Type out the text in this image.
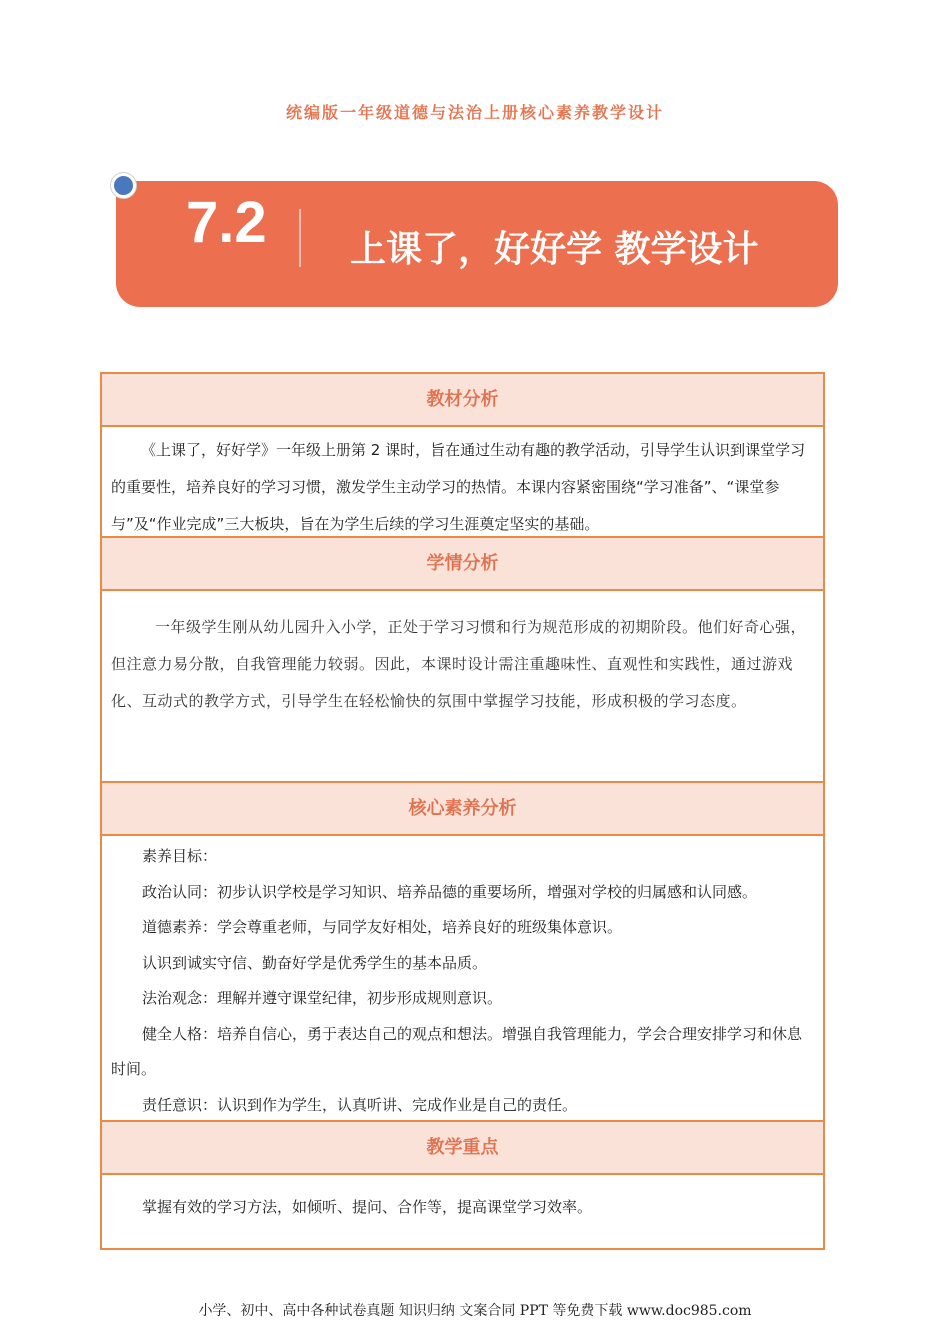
统编版一年级道德与法治上册核心素养教学设计
7.2 上课了，好好学 教学设计
教材分析

《上课了，好好学》一年级上册第 2 课时，旨在通过生动有趣的教学活动，引导学生认识到课堂学习的重要性，培养良好的学习习惯，激发学生主动学习的热情。本课内容紧密围绕“学习准备”、“课堂参与”及“作业完成”三大板块，旨在为学生后续的学习生涯奠定坚实的基础。

学情分析

一年级学生刚从幼儿园升入小学，正处于学习习惯和行为规范形成的初期阶段。他们好奇心强，但注意力易分散，自我管理能力较弱。因此，本课时设计需注重趣味性、直观性和实践性，通过游戏化、互动式的教学方式，引导学生在轻松愉快的氛围中掌握学习技能，形成积极的学习态度。

核心素养分析

素养目标：

政治认同：初步认识学校是学习知识、培养品德的重要场所，增强对学校的归属感和认同感。

道德素养：学会尊重老师，与同学友好相处，培养良好的班级集体意识。

认识到诚实守信、勤奋好学是优秀学生的基本品质。

法治观念：理解并遵守课堂纪律，初步形成规则意识。

健全人格：培养自信心，勇于表达自己的观点和想法。增强自我管理能力，学会合理安排学习和休息时间。

责任意识：认识到作为学生，认真听讲、完成作业是自己的责任。

教学重点

掌握有效的学习方法，如倾听、提问、合作等，提高课堂学习效率。

小学、初中、高中各种试卷真题 知识归纳 文案合同 PPT 等免费下载 www.doc985.com
